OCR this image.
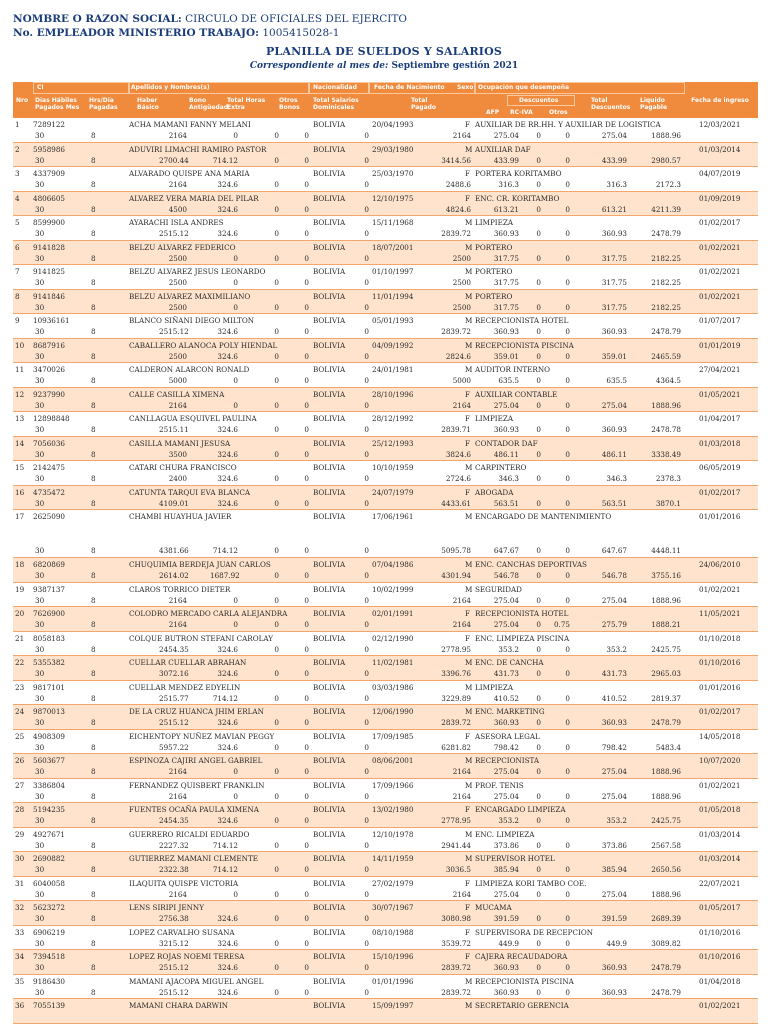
NOMBRE O RAZON SOCIAL: CIRCULO DE OFICIALES DEL EJERCITO
No. EMPLEADOR MINISTERIO TRABAJO: 1005415028-1
PLANILLA DE SUELDOS Y SALARIOS
Correspondiente al mes de: Septiembre gestión 2021
Nro
CI	Apellidos y Nombres(s)	Nacionalidad	Fecha de Nacimiento Sexo Ocupación que desempeña
Fecha de ingreso
Dias Hábiles Pagados Mes
Hrs/Dia Pagadas
Haber Básico
Bono Antigüedad
Total Horas Extra
Otros Bonos
Total Salarios Dominicales
Total Pagado
Descuentos
AFP RC-IVA	Otros
Total Descuentos
Liquido Pagable
1 7289122	ACHA MAMANI FANNY MELANI	BOLIVIA	20/04/1993	F AUXILIAR DE RR.HH. Y AUXILIAR DE LOGISTICA	12/03/2021
30	8	2164	0	0	0	0	2164	275.04	0	0	275.04	1888.96
2 5958986	ADUVIRI LIMACHI RAMIRO PASTOR	BOLIVIA	29/03/1980	M AUXILIAR DAF	01/03/2014
30	8	2700.44	714.12	0	0	0	3414.56	433.99	0	0	433.99	2980.57
3 4337909	ALVARADO QUISPE ANA MARIA	BOLIVIA	25/03/1970	F PORTERA KORITAMBO	04/07/2019
30	8	2164	324.6	0	0	0	2488.6	316.3	0	0	316.3	2172.3
4 4806605	ALVAREZ VERA MARIA DEL PILAR	BOLIVIA	12/10/1975	F ENC. CR. KORITAMBO	01/09/2019
30	8	4500	324.6	0	0	0	4824.6	613.21	0	0	613.21	4211.39
5 8599900	AYARACHI ISLA ANDRES	BOLIVIA	15/11/1968	M LIMPIEZA	01/02/2017
30	8	2515.12	324.6	0	0	0	2839.72	360.93	0	0	360.93	2478.79
6 9141828	BELZU ALVAREZ FEDERICO	BOLIVIA	18/07/2001	M PORTERO	01/02/2021
30	8	2500	0	0	0	0	2500	317.75	0	0	317.75	2182.25
7 9141825	BELZU ALVAREZ JESUS LEONARDO	BOLIVIA	01/10/1997	M PORTERO	01/02/2021
30	8	2500	0	0	0	0	2500	317.75	0	0	317.75	2182.25
8 9141846	BELZU ALVAREZ MAXIMILIANO	BOLIVIA	11/01/1994	M PORTERO	01/02/2021
30	8	2500	0	0	0	0	2500	317.75	0	0	317.75	2182.25
9 10936161	BLANCO SIÑANI DIEGO MILTON	BOLIVIA	05/01/1993	M RECEPCIONISTA HOTEL	01/07/2017
30	8	2515.12	324.6	0	0	0	2839.72	360.93	0	0	360.93	2478.79
10 8687916	CABALLERO ALANOCA POLY HIENDAL	BOLIVIA	04/09/1992	M RECEPCIONISTA PISCINA	01/01/2019
30	8	2500	324.6	0	0	0	2824.6	359.01	0	0	359.01	2465.59
11 3470026	CALDERON ALARCON RONALD	BOLIVIA	24/01/1981	M AUDITOR INTERNO	27/04/2021
30	8	5000	0	0	0	0	5000	635.5	0	0	635.5	4364.5
12 9237990	CALLE CASILLA XIMENA	BOLIVIA	28/10/1996	F AUXILIAR CONTABLE	01/05/2021
30	8	2164	0	0	0	0	2164	275.04	0	0	275.04	1888.96
13 12898848	CANLLAGUA ESQUIVEL PAULINA	BOLIVIA	28/12/1992	F LIMPIEZA	01/04/2017
30	8	2515.11	324.6	0	0	0	2839.71	360.93	0	0	360.93	2478.78
14 7056036	CASILLA MAMANI JESUSA	BOLIVIA	25/12/1993	F CONTADOR DAF	01/03/2018
30	8	3500	324.6	0	0	0	3824.6	486.11	0	0	486.11	3338.49
15 2142475	CATARI CHURA FRANCISCO	BOLIVIA	10/10/1959	M CARPINTERO	06/05/2019
30	8	2400	324.6	0	0	0	2724.6	346.3	0	0	346.3	2378.3
16 4735472	CATUNTA TARQUI EVA BLANCA	BOLIVIA	24/07/1979	F ABOGADA	01/02/2017
30	8	4109.01	324.6	0	0	0	4433.61	563.51	0	0	563.51	3870.1
17 2625090	CHAMBI HUAYHUA JAVIER	BOLIVIA	17/06/1961	M ENCARGADO DE MANTENIMIENTO	01/01/2016
30	8	4381.66	714.12	0	0	0	5095.78	647.67	0	0	647.67	4448.11
18 6820869	CHUQUIMIA BERDEJA JUAN CARLOS	BOLIVIA	07/04/1986	M ENC. CANCHAS DEPORTIVAS	24/06/2010
30	8	2614.02	1687.92	0	0	0	4301.94	546.78	0	0	546.78	3755.16
19 9387137	CLAROS TORRICO DIETER	BOLIVIA	10/02/1999	M SEGURIDAD	01/02/2021
30	8	2164	0	0	0	0	2164	275.04	0	0	275.04	1888.96
20 7626900	COLODRO MERCADO CARLA ALEJANDRA	BOLIVIA	02/01/1991	F RECEPCIONISTA HOTEL	11/05/2021
30	8	2164	0	0	0	0	2164	275.04	0	0.75	275.79	1888.21
21 8058183	COLQUE BUTRON STEFANI CAROLAY	BOLIVIA	02/12/1990	F ENC. LIMPIEZA PISCINA	01/10/2018
30	8	2454.35	324.6	0	0	0	2778.95	353.2	0	0	353.2	2425.75
22 5355382	CUELLAR CUELLAR ABRAHAN	BOLIVIA	11/02/1981	M ENC. DE CANCHA	01/10/2016
30	8	3072.16	324.6	0	0	0	3396.76	431.73	0	0	431.73	2965.03
23 9817101	CUELLAR MENDEZ EDYELIN	BOLIVIA	03/03/1986	M LIMPIEZA	01/01/2016
30	8	2515.77	714.12	0	0	0	3229.89	410.52	0	0	410.52	2819.37
24 9870013	DE LA CRUZ HUANCA JHIM ERLAN	BOLIVIA	12/06/1990	M ENC. MARKETING	01/02/2017
30	8	2515.12	324.6	0	0	0	2839.72	360.93	0	0	360.93	2478.79
25 4908309	EICHENTOPY NUÑEZ MAVIAN PEGGY	BOLIVIA	17/09/1985	F ASESORA LEGAL	14/05/2018
30	8	5957.22	324.6	0	0	0	6281.82	798.42	0	0	798.42	5483.4
26 5603677	ESPINOZA CAJIRI ANGEL GABRIEL	BOLIVIA	08/06/2001	M RECEPCIONISTA	10/07/2020
30	8	2164	0	0	0	0	2164	275.04	0	0	275.04	1888.96
27 3386804	FERNANDEZ QUISBERT FRANKLIN	BOLIVIA	17/09/1966	M PROF. TENIS	01/02/2021
30	8	2164	0	0	0	0	2164	275.04	0	0	275.04	1888.96
28 5194235	FUENTES OCAÑA PAULA XIMENA	BOLIVIA	13/02/1980	F ENCARGADO LIMPIEZA	01/05/2018
30	8	2454.35	324.6	0	0	0	2778.95	353.2	0	0	353.2	2425.75
29 4927671	GUERRERO RICALDI EDUARDO	BOLIVIA	12/10/1978	M ENC. LIMPIEZA	01/03/2014
30	8	2227.32	714.12	0	0	0	2941.44	373.86	0	0	373.86	2567.58
30 2690882	GUTIERREZ MAMANI CLEMENTE	BOLIVIA	14/11/1959	M SUPERVISOR HOTEL	01/03/2014
30	8	2322.38	714.12	0	0	0	3036.5	385.94	0	0	385.94	2650.56
31 6040058	ILAQUITA QUISPE VICTORIA	BOLIVIA	27/02/1979	F LIMPIEZA KORI TAMBO COE.	22/07/2021
30	8	2164	0	0	0	0	2164	275.04	0	0	275.04	1888.96
32 5623272	LENS SIRIPI JENNY	BOLIVIA	30/07/1967	F MUCAMA	01/05/2017
30	8	2756.38	324.6	0	0	0	3080.98	391.59	0	0	391.59	2689.39
33 6906219	LOPEZ CARVALHO SUSANA	BOLIVIA	08/10/1988	F SUPERVISORA DE RECEPCION	01/10/2016
30	8	3215.12	324.6	0	0	0	3539.72	449.9	0	0	449.9	3089.82
34 7394518	LOPEZ ROJAS NOEMI TERESA	BOLIVIA	15/10/1996	F CAJERA RECAUDADORA	01/10/2016
30	8	2515.12	324.6	0	0	0	2839.72	360.93	0	0	360.93	2478.79
35 9186430	MAMANI AJACOPA MIGUEL ANGEL	BOLIVIA	01/01/1996	M RECEPCIONISTA PISCINA	01/04/2018
30	8	2515.12	324.6	0	0	0	2839.72	360.93	0	0	360.93	2478.79
36 7055139	MAMANI CHARA DARWIN	BOLIVIA	15/09/1997	M SECRETARIO GERENCIA	01/02/2021
